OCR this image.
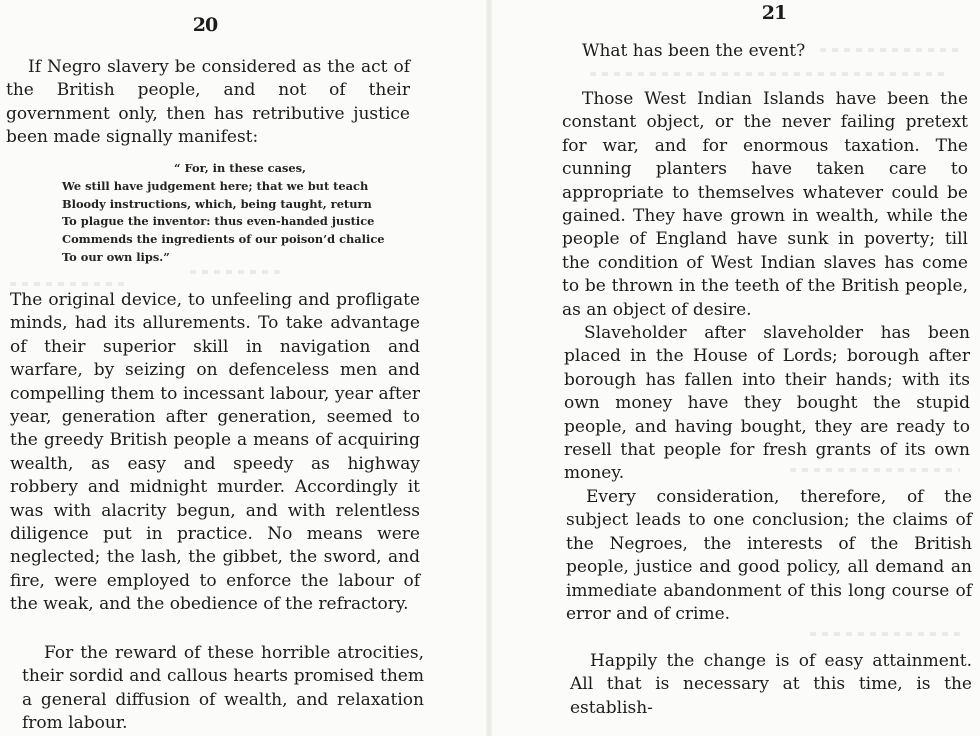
20

If Negro slavery be considered as the act of the British people, and not of their government only, then has retributive justice been made signally manifest:

“ For, in these cases,
We still have judgement here; that we but teach
Bloody instructions, which, being taught, return
To plague the inventor: thus even-handed justice
Commends the ingredients of our poison’d chalice
To our own lips.”

The original device, to unfeeling and profligate minds, had its allurements. To take advantage of their superior skill in navigation and warfare, by seizing on defenceless men and compelling them to incessant labour, year after year, generation after generation, seemed to the greedy British people a means of acquiring wealth, as easy and speedy as highway robbery and midnight murder. Accordingly it was with alacrity begun, and with relentless diligence put in practice. No means were neglected; the lash, the gibbet, the sword, and fire, were employed to enforce the labour of the weak, and the obedience of the refractory.

For the reward of these horrible atrocities, their sordid and callous hearts promised them a general diffusion of wealth, and relaxation from labour.

21

What has been the event?

Those West Indian Islands have been the constant object, or the never failing pretext for war, and for enormous taxation. The cunning planters have taken care to appropriate to themselves whatever could be gained. They have grown in wealth, while the people of England have sunk in poverty; till the condition of West Indian slaves has come to be thrown in the teeth of the British people, as an object of desire.

Slaveholder after slaveholder has been placed in the House of Lords; borough after borough has fallen into their hands; with its own money have they bought the stupid people, and having bought, they are ready to resell that people for fresh grants of its own money.

Every consideration, therefore, of the subject leads to one conclusion; the claims of the Negroes, the interests of the British people, justice and good policy, all demand an immediate abandonment of this long course of error and of crime.

Happily the change is of easy attainment. All that is necessary at this time, is the establish-
